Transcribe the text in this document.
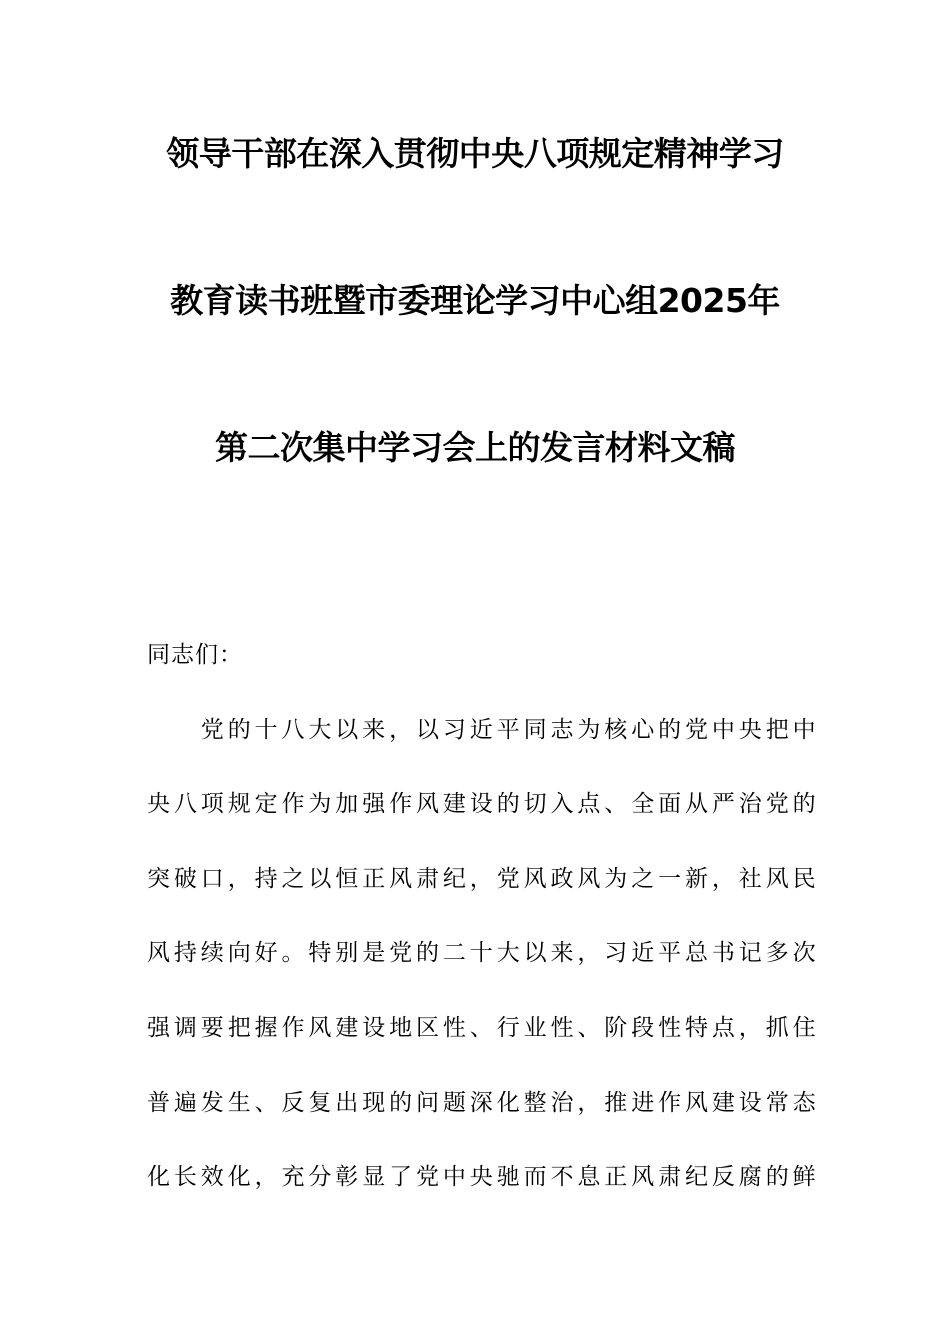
领导干部在深入贯彻中央八项规定精神学习
教育读书班暨市委理论学习中心组2025年
第二次集中学习会上的发言材料文稿
同志们：
　　党的十八大以来，以习近平同志为核心的党中央把中
央八项规定作为加强作风建设的切入点、全面从严治党的
突破口，持之以恒正风肃纪，党风政风为之一新，社风民
风持续向好。特别是党的二十大以来，习近平总书记多次
强调要把握作风建设地区性、行业性、阶段性特点，抓住
普遍发生、反复出现的问题深化整治，推进作风建设常态
化长效化，充分彰显了党中央驰而不息正风肃纪反腐的鲜
